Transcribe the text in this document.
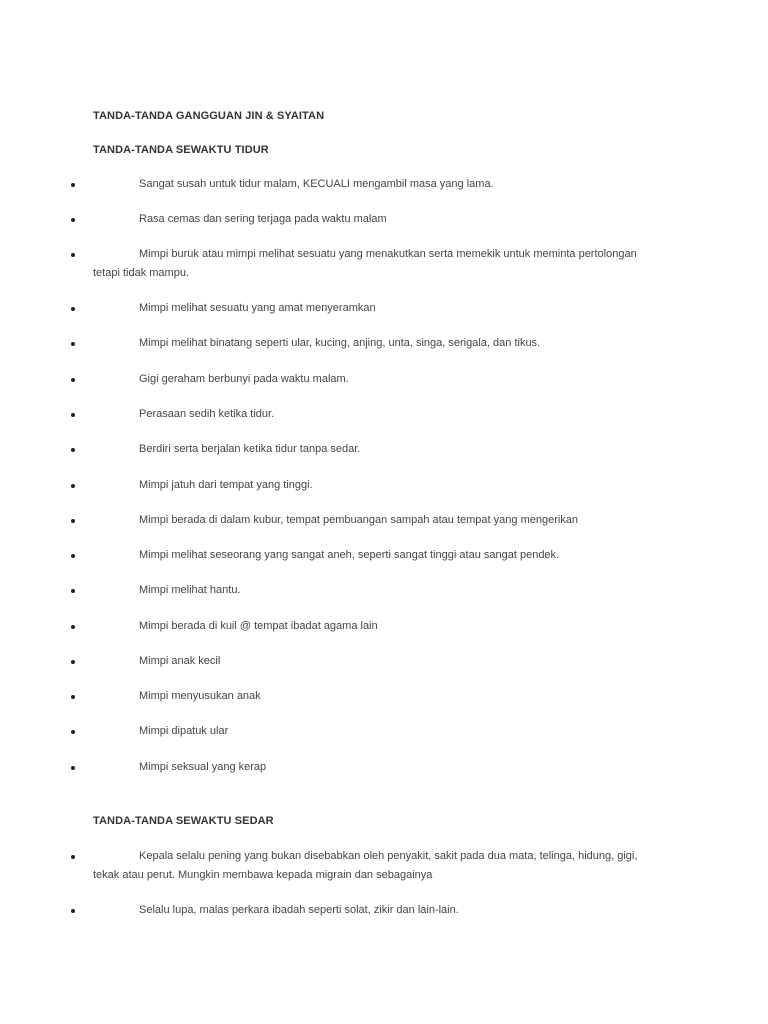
TANDA-TANDA GANGGUAN JIN & SYAITAN
TANDA-TANDA SEWAKTU TIDUR
Sangat susah untuk tidur malam, KECUALI mengambil masa yang lama.
Rasa cemas dan sering terjaga pada waktu malam
Mimpi buruk atau mimpi melihat sesuatu yang menakutkan serta memekik untuk meminta pertolongan tetapi tidak mampu.
Mimpi melihat sesuatu yang amat menyeramkan
Mimpi melihat binatang seperti ular, kucing, anjing, unta, singa, serigala, dan tikus.
Gigi geraham berbunyi pada waktu malam.
Perasaan sedih ketika tidur.
Berdiri serta berjalan ketika tidur tanpa sedar.
Mimpi jatuh dari tempat yang tinggi.
Mimpi berada di dalam kubur, tempat pembuangan sampah atau tempat yang mengerikan
Mimpi melihat seseorang yang sangat aneh, seperti sangat tinggi atau sangat pendek.
Mimpi melihat hantu.
Mimpi berada di kuil @ tempat ibadat agama lain
Mimpi anak kecil
Mimpi menyusukan anak
Mimpi dipatuk ular
Mimpi seksual yang kerap
TANDA-TANDA SEWAKTU SEDAR
Kepala selalu pening yang bukan disebabkan oleh penyakit, sakit pada dua mata, telinga, hidung, gigi, tekak atau perut. Mungkin membawa kepada migrain dan sebagainya
Selalu lupa, malas perkara ibadah seperti solat, zikir dan lain-lain.
